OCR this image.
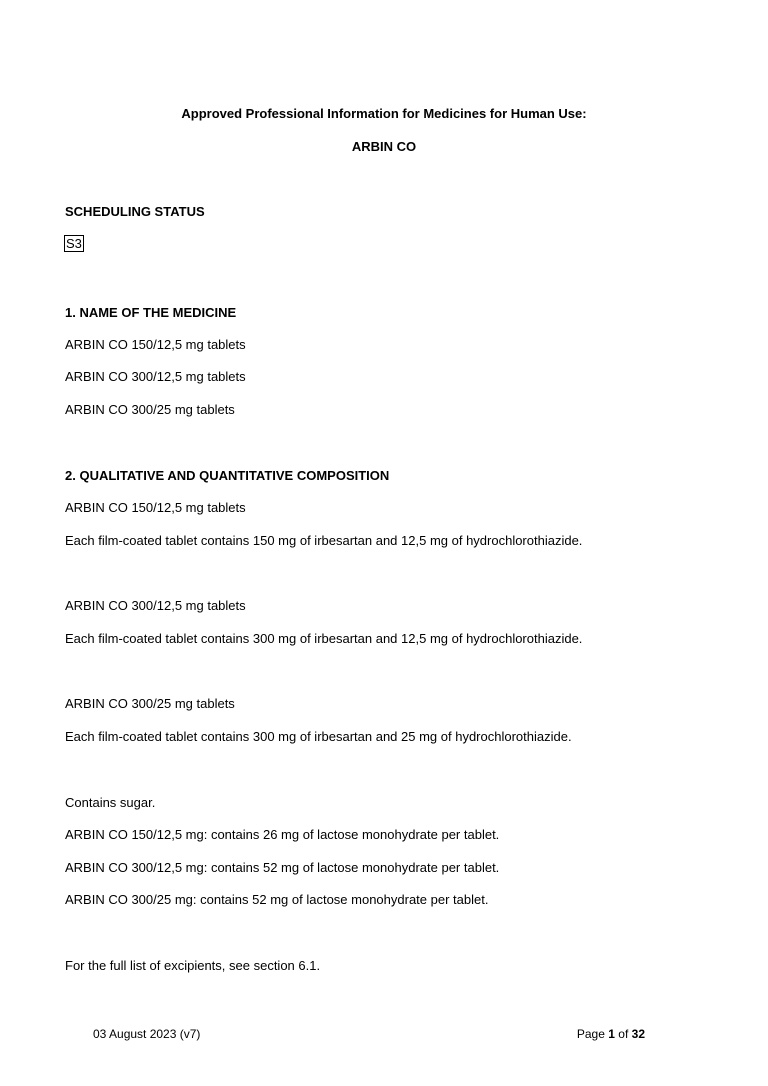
Approved Professional Information for Medicines for Human Use:
ARBIN CO
SCHEDULING STATUS
S3
1. NAME OF THE MEDICINE
ARBIN CO 150/12,5 mg tablets
ARBIN CO 300/12,5 mg tablets
ARBIN CO 300/25 mg tablets
2. QUALITATIVE AND QUANTITATIVE COMPOSITION
ARBIN CO 150/12,5 mg tablets
Each film-coated tablet contains 150 mg of irbesartan and 12,5 mg of hydrochlorothiazide.
ARBIN CO 300/12,5 mg tablets
Each film-coated tablet contains 300 mg of irbesartan and 12,5 mg of hydrochlorothiazide.
ARBIN CO 300/25 mg tablets
Each film-coated tablet contains 300 mg of irbesartan and 25 mg of hydrochlorothiazide.
Contains sugar.
ARBIN CO 150/12,5 mg: contains 26 mg of lactose monohydrate per tablet.
ARBIN CO 300/12,5 mg: contains 52 mg of lactose monohydrate per tablet.
ARBIN CO 300/25 mg: contains 52 mg of lactose monohydrate per tablet.
For the full list of excipients, see section 6.1.
03 August 2023 (v7)	Page 1 of 32
